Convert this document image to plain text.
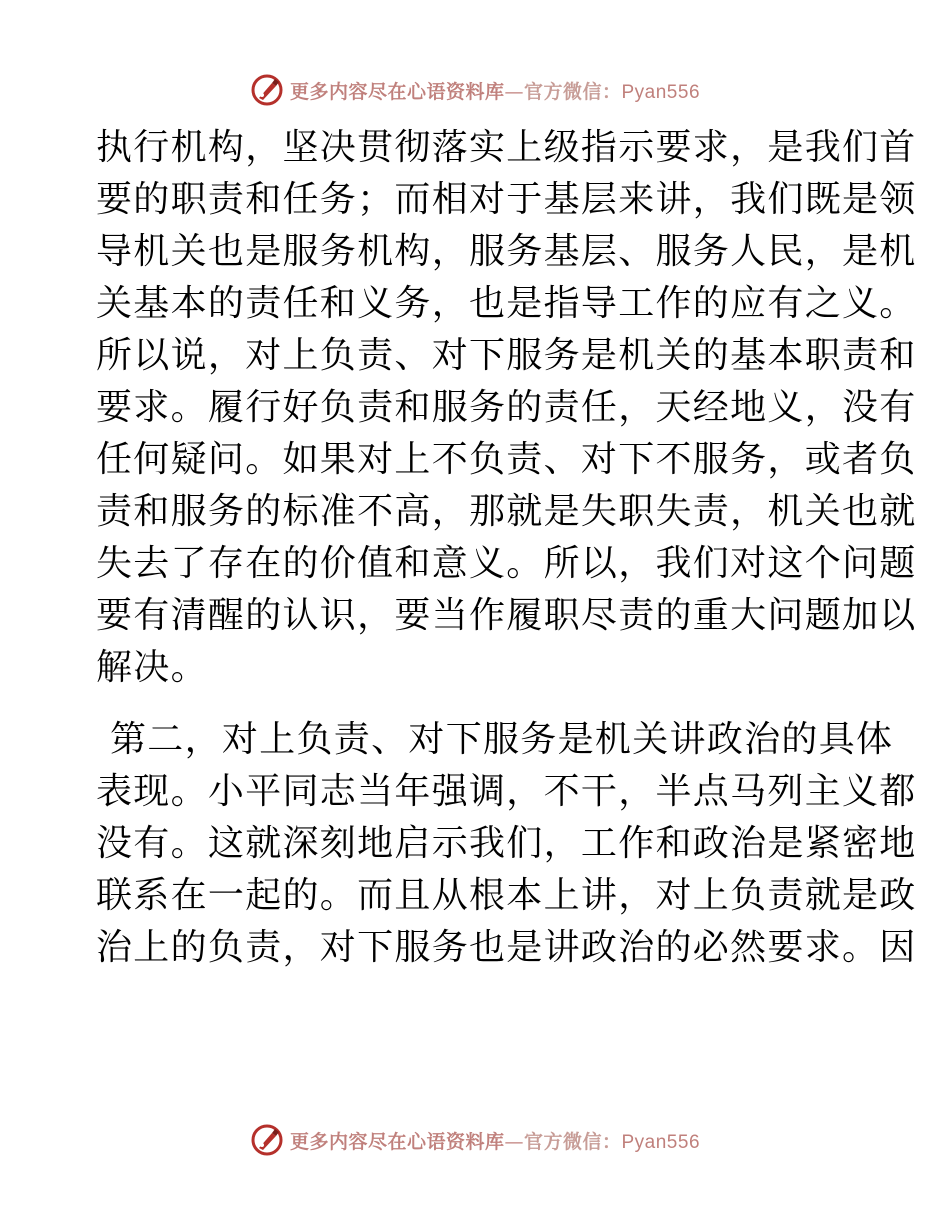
更多内容尽在心语资料库—官方微信：Pyan556
执行机构，坚决贯彻落实上级指示要求，是我们首
要的职责和任务；而相对于基层来讲，我们既是领
导机关也是服务机构，服务基层、服务人民，是机
关基本的责任和义务，也是指导工作的应有之义。
所以说，对上负责、对下服务是机关的基本职责和
要求。履行好负责和服务的责任，天经地义，没有
任何疑问。如果对上不负责、对下不服务，或者负
责和服务的标准不高，那就是失职失责，机关也就
失去了存在的价值和意义。所以，我们对这个问题
要有清醒的认识，要当作履职尽责的重大问题加以
解决。
第二，对上负责、对下服务是机关讲政治的具体
表现。小平同志当年强调，不干，半点马列主义都
没有。这就深刻地启示我们，工作和政治是紧密地
联系在一起的。而且从根本上讲，对上负责就是政
治上的负责，对下服务也是讲政治的必然要求。因
更多内容尽在心语资料库—官方微信：Pyan556
